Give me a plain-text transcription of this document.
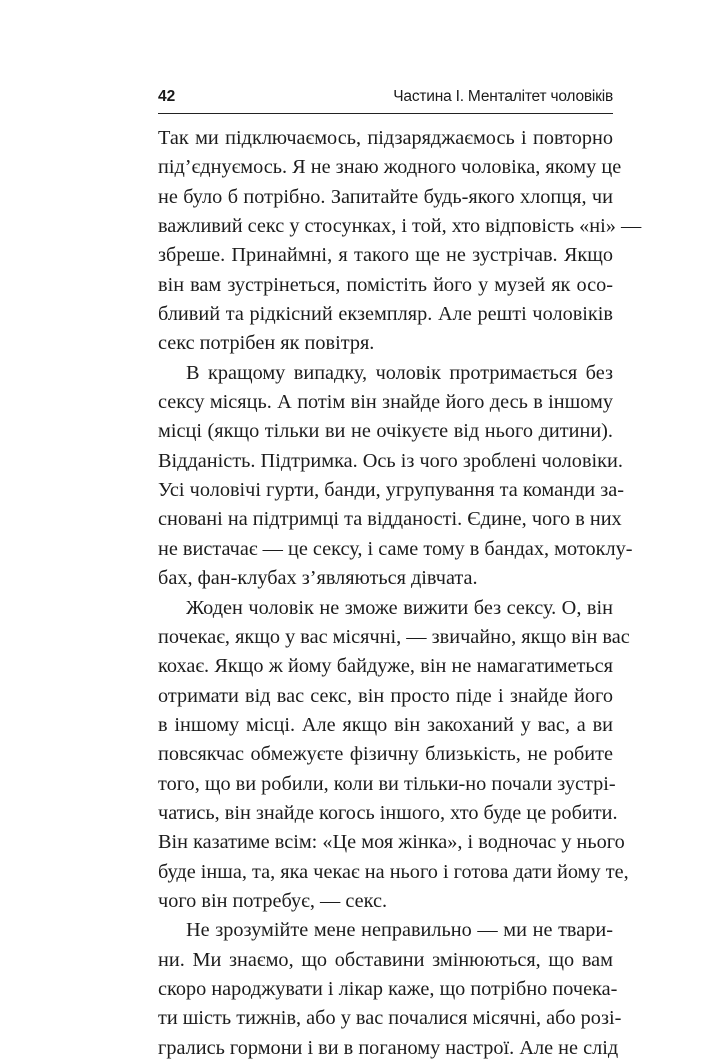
42	Частина І. Менталітет чоловіків
Так ми підключаємось, підзаряджаємось і повторно
під’єднуємось. Я не знаю жодного чоловіка, якому це
не було б потрібно. Запитайте будь-якого хлопця, чи
важливий секс у стосунках, і той, хто відповість «ні» —
збреше. Принаймні, я такого ще не зустрічав. Якщо
він вам зустрінеться, помістіть його у музей як осо-
бливий та рідкісний екземпляр. Але решті чоловіків
секс потрібен як повітря.
В кращому випадку, чоловік протримається без
сексу місяць. А потім він знайде його десь в іншому
місці (якщо тільки ви не очікуєте від нього дитини).
Відданість. Підтримка. Ось із чого зроблені чоловіки.
Усі чоловічі гурти, банди, угрупування та команди за-
сновані на підтримці та відданості. Єдине, чого в них
не вистачає — це сексу, і саме тому в бандах, мотоклу-
бах, фан-клубах з’являються дівчата.
Жоден чоловік не зможе вижити без сексу. О, він
почекає, якщо у вас місячні, — звичайно, якщо він вас
кохає. Якщо ж йому байдуже, він не намагатиметься
отримати від вас секс, він просто піде і знайде його
в іншому місці. Але якщо він закоханий у вас, а ви
повсякчас обмежуєте фізичну близькість, не робите
того, що ви робили, коли ви тільки-но почали зустрі-
чатись, він знайде когось іншого, хто буде це робити.
Він казатиме всім: «Це моя жінка», і водночас у нього
буде інша, та, яка чекає на нього і готова дати йому те,
чого він потребує, — секс.
Не зрозумійте мене неправильно — ми не твари-
ни. Ми знаємо, що обставини змінюються, що вам
скоро народжувати і лікар каже, що потрібно почека-
ти шість тижнів, або у вас почалися місячні, або розі-
грались гормони і ви в поганому настрої. Але не слід
